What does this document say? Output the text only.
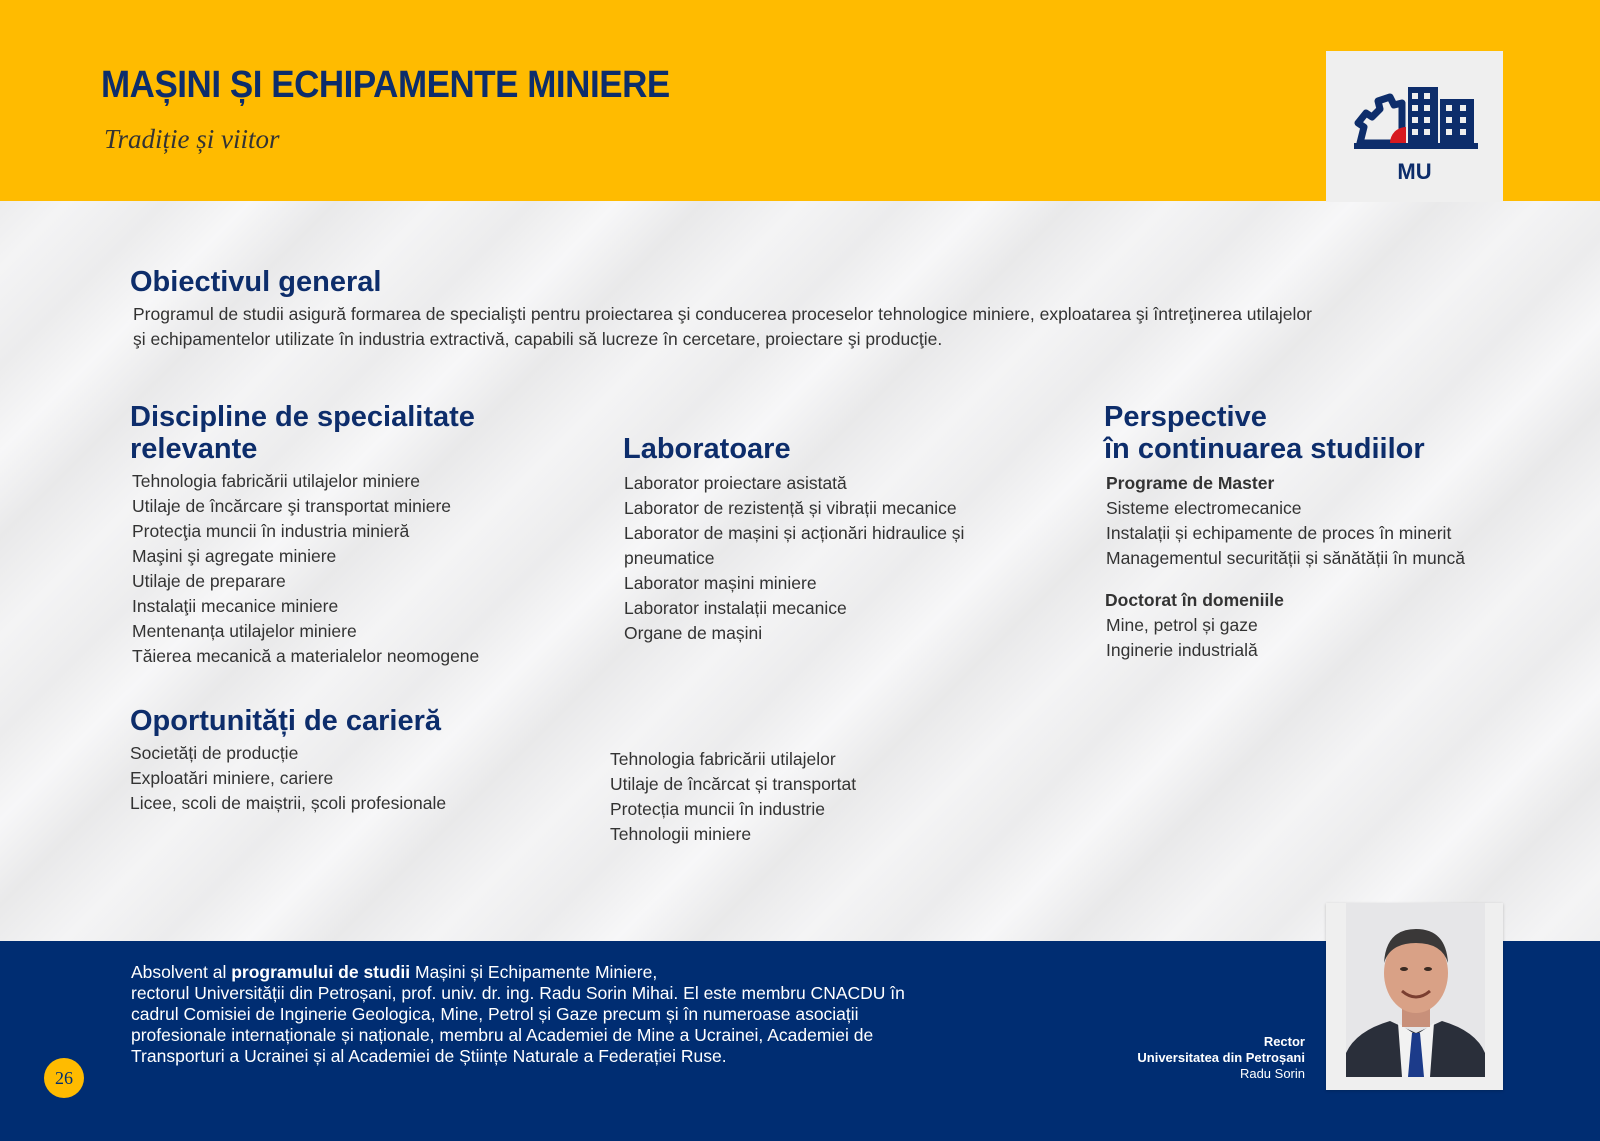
MAȘINI ȘI ECHIPAMENTE MINIERE
Tradiție și viitor
MU
Obiectivul general
Programul de studii asigură formarea de specialişti pentru proiectarea şi conducerea proceselor tehnologice miniere, exploatarea şi întreţinerea utilajelor
şi echipamentelor utilizate în industria extractivă, capabili să lucreze în cercetare, proiectare şi producţie.
Discipline de specialitate
relevante
Tehnologia fabricării utilajelor miniere
Utilaje de încărcare şi transportat miniere
Protecţia muncii în industria minieră
Maşini şi agregate miniere
Utilaje de preparare
Instalaţii mecanice miniere
Mentenanța utilajelor miniere
Tăierea mecanică a materialelor neomogene
Laboratoare
Laborator proiectare asistată
Laborator de rezistență și vibrații mecanice
Laborator de mașini și acționări hidraulice și
pneumatice
Laborator mașini miniere
Laborator instalații mecanice
Organe de mașini
Perspective
în continuarea studiilor
Programe de Master
Sisteme electromecanice
Instalații și echipamente de proces în minerit
Managementul securității și sănătății în muncă
Doctorat în domeniile
Mine, petrol și gaze
Inginerie industrială
Oportunități de carieră
Societăți de producție
Exploatări miniere, cariere
Licee, scoli de maiștrii, școli profesionale
Tehnologia fabricării utilajelor
Utilaje de încărcat și transportat
Protecția muncii în industrie
Tehnologii miniere
Absolvent al programului de studii Mașini și Echipamente Miniere,
rectorul Universității din Petroșani, prof. univ. dr. ing. Radu Sorin Mihai. El este membru CNACDU în
cadrul Comisiei de Inginerie Geologica, Mine, Petrol și Gaze precum și în numeroase asociații
profesionale internaționale și naționale, membru al Academiei de Mine a Ucrainei, Academiei de
Transporturi a Ucrainei și al Academiei de Științe Naturale a Federației Ruse.
Rector
Universitatea din Petroșani
Radu Sorin
26
